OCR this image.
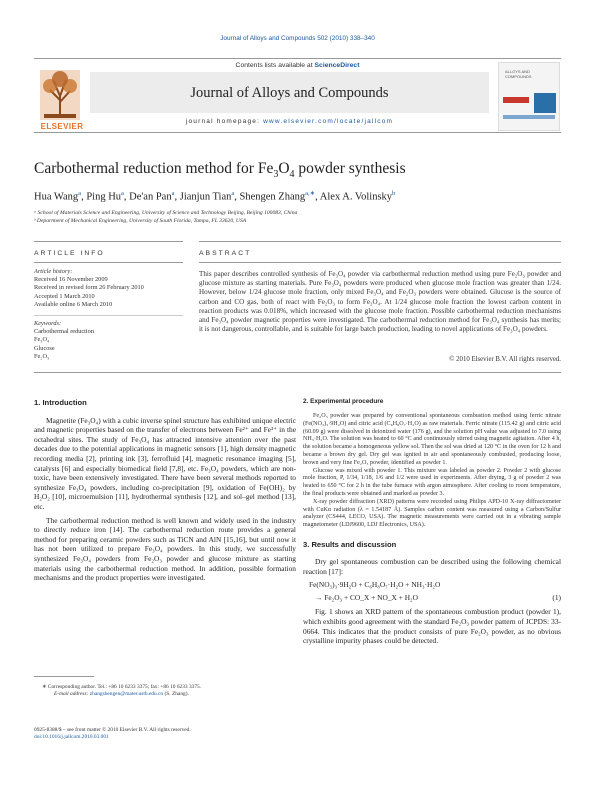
Journal of Alloys and Compounds 502 (2010) 338–340
Contents lists available at ScienceDirect
Journal of Alloys and Compounds
journal homepage: www.elsevier.com/locate/jallcom
ELSEVIER
ALLOYS AND COMPOUNDS
Carbothermal reduction method for $Fe_3O_4$ powder synthesis
Hua Wang$^a$, Ping Hu$^a$, De'an Pan$^a$, Jianjun Tian$^a$, Shengen Zhang$^{a,∗}$, Alex A. Volinsky$^b$
ᵃ School of Materials Science and Engineering, University of Science and Technology Beijing, Beijing 100083, China
ᵇ Department of Mechanical Engineering, University of South Florida, Tampa, FL 33620, USA
ARTICLE INFO	ABSTRACT
Article history:
Received 16 November 2009
Received in revised form 26 February 2010
Accepted 1 March 2010
Available online 6 March 2010
Keywords:
Carbothermal reduction
Fe₃O₄
Glucose
Fe₂O₃
This paper describes controlled synthesis of Fe₃O₄ powder via carbothermal reduction method using pure Fe₂O₃ powder and glucose mixture as starting materials. Pure Fe₃O₄ powders were produced when glucose mole fraction was greater than 1/24. However, below 1/24 glucose mole fraction, only mixed Fe₃O₄ and Fe₂O₃ powders were obtained. Glucose is the source of carbon and CO gas, both of react with Fe₂O₃ to form Fe₃O₄. At 1/24 glucose mole fraction the lowest carbon content in reaction products was 0.018%, which increased with the glucose mole fraction. Possible carbothermal reduction mechanisms and Fe₃O₄ powder magnetic properties were investigated. The carbothermal reduction method for Fe₃O₄ synthesis has merits; it is not dangerous, controllable, and is suitable for large batch production, leading to novel applications of Fe₃O₄ powders.
© 2010 Elsevier B.V. All rights reserved.
1. Introduction

Magnetite (Fe₃O₄) with a cubic inverse spinel structure has exhibited unique electric and magnetic properties based on the transfer of electrons between Fe²⁺ and Fe³⁺ in the octahedral sites. The study of Fe₃O₄ has attracted intensive attention over the past decades due to the potential applications in magnetic sensors [1], high density magnetic recording media [2], printing ink [3], ferrofluid [4], magnetic resonance imaging [5], catalysts [6] and especially biomedical field [7,8], etc. Fe₃O₄ powders, which are non-toxic, have been extensively investigated. There have been several methods reported to synthesize Fe₃O₄ powders, including co-precipitation [9], oxidation of Fe(OH)₂ by H₂O₂ [10], microemulsion [11], hydrothermal synthesis [12], and sol–gel method [13], etc.

The carbothermal reduction method is well known and widely used in the industry to directly reduce iron [14]. The carbothermal reduction route provides a general method for preparing ceramic powders such as TiCN and AlN [15,16], but until now it has not been utilized to prepare Fe₃O₄ powders. In this study, we successfully synthesized Fe₃O₄ powders from Fe₂O₃ powder and glucose mixture as starting materials using the carbothermal reduction method. In addition, possible formation mechanisms and the product properties were investigated.

2. Experimental procedure

Fe₂O₃ powder was prepared by conventional spontaneous combustion method using ferric nitrate (Fe(NO₃)₃·9H₂O) and citric acid (C₆H₈O₇·H₂O) as raw materials. Ferric nitrate (115.42 g) and citric acid (60.09 g) were dissolved in deionized water (176 g), and the solution pH value was adjusted to 7.0 using NH₃·H₂O. The solution was heated to 60 °C and continuously stirred using magnetic agitation. After 4 h, the solution became a homogeneous yellow sol. Then the sol was dried at 120 °C in the oven for 12 h and became a brown dry gel. Dry gel was ignited in air and spontaneously combusted, producing loose, brown and very fine Fe₂O₃ powder, identified as powder 1.

Glucose was mixed with powder 1. This mixture was labeled as powder 2. Powder 2 with glucose mole fraction, P, 1/34, 1/18, 1/6 and 1/2 were used in experiments. After drying, 3 g of powder 2 was heated to 650 °C for 2 h in the tube furnace with argon atmosphere. After cooling to room temperature, the final products were obtained and marked as powder 3.

X-ray powder diffraction (XRD) patterns were recorded using Philips APD-10 X-ray diffractometer with CuKα radiation (λ = 1.54187 Å). Samples carbon content was measured using a Carbon/Sulfur analyzer (CS444, LECO, USA). The magnetic measurements were carried out in a vibrating sample magnetometer (LDJ9600, LDJ Electronics, USA).

3. Results and discussion

Dry gel spontaneous combustion can be described using the following chemical reaction [17]:

Fe(NO₃)₃·9H₂O + C₆H₈O₇·H₂O + NH₃·H₂O
→ Fe₂O₃ + CO_X + NO_X + H₂O	(1)

Fig. 1 shows an XRD pattern of the spontaneous combustion product (powder 1), which exhibits good agreement with the standard Fe₂O₃ powder pattern of JCPDS: 33-0664. This indicates that the product consists of pure Fe₂O₃ powder, as no obvious crystalline impurity phases could be detected.

∗ Corresponding author. Tel.: +86 10 6233 3375; fax: +86 10 6233 3375.
E-mail address: zhangshengen@mater.ustb.edu.cn (S. Zhang).
0925-8388/$ – see front matter © 2010 Elsevier B.V. All rights reserved.
doi:10.1016/j.jallcom.2010.03.001
